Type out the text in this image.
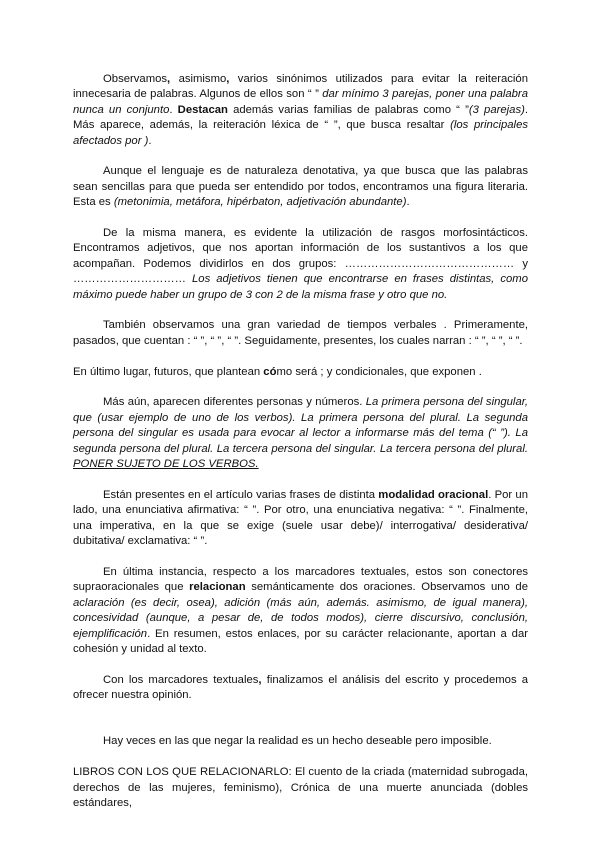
Observamos, asimismo, varios sinónimos utilizados para evitar la reiteración innecesaria de palabras. Algunos de ellos son “ ” dar mínimo 3 parejas, poner una palabra nunca un conjunto. Destacan además varias familias de palabras como “ ”(3 parejas). Más aparece, además, la reiteración léxica de “ ”, que busca resaltar (los principales afectados por ).

Aunque el lenguaje es de naturaleza denotativa, ya que busca que las palabras sean sencillas para que pueda ser entendido por todos, encontramos una figura literaria. Esta es (metonimia, metáfora, hipérbaton, adjetivación abundante).

De la misma manera, es evidente la utilización de rasgos morfosintácticos. Encontramos adjetivos, que nos aportan información de los sustantivos a los que acompañan. Podemos dividirlos en dos grupos: ……………………………………… y ………………………… Los adjetivos tienen que encontrarse en frases distintas, como máximo puede haber un grupo de 3 con 2 de la misma frase y otro que no.

También observamos una gran variedad de tiempos verbales . Primeramente, pasados, que cuentan : “ ”, “ ”, “ ”. Seguidamente, presentes, los cuales narran : “ ”, “ ”, “ ”.

En último lugar, futuros, que plantean cómo será ; y condicionales, que exponen .

Más aún, aparecen diferentes personas y números. La primera persona del singular, que (usar ejemplo de uno de los verbos). La primera persona del plural. La segunda persona del singular es usada para evocar al lector a informarse más del tema (“ ”). La segunda persona del plural. La tercera persona del singular. La tercera persona del plural. PONER SUJETO DE LOS VERBOS.

Están presentes en el artículo varias frases de distinta modalidad oracional. Por un lado, una enunciativa afirmativa: “ ”. Por otro, una enunciativa negativa: “ ”. Finalmente, una imperativa, en la que se exige (suele usar debe)/ interrogativa/ desiderativa/ dubitativa/ exclamativa: “ ”.

En última instancia, respecto a los marcadores textuales, estos son conectores supraoracionales que relacionan semánticamente dos oraciones. Observamos uno de aclaración (es decir, osea), adición (más aún, además. asimismo, de igual manera), concesividad (aunque, a pesar de, de todos modos), cierre discursivo, conclusión, ejemplificación. En resumen, estos enlaces, por su carácter relacionante, aportan a dar cohesión y unidad al texto.

Con los marcadores textuales, finalizamos el análisis del escrito y procedemos a ofrecer nuestra opinión.

Hay veces en las que negar la realidad es un hecho deseable pero imposible.

LIBROS CON LOS QUE RELACIONARLO: El cuento de la criada (maternidad subrogada, derechos de las mujeres, feminismo), Crónica de una muerte anunciada (dobles estándares,
